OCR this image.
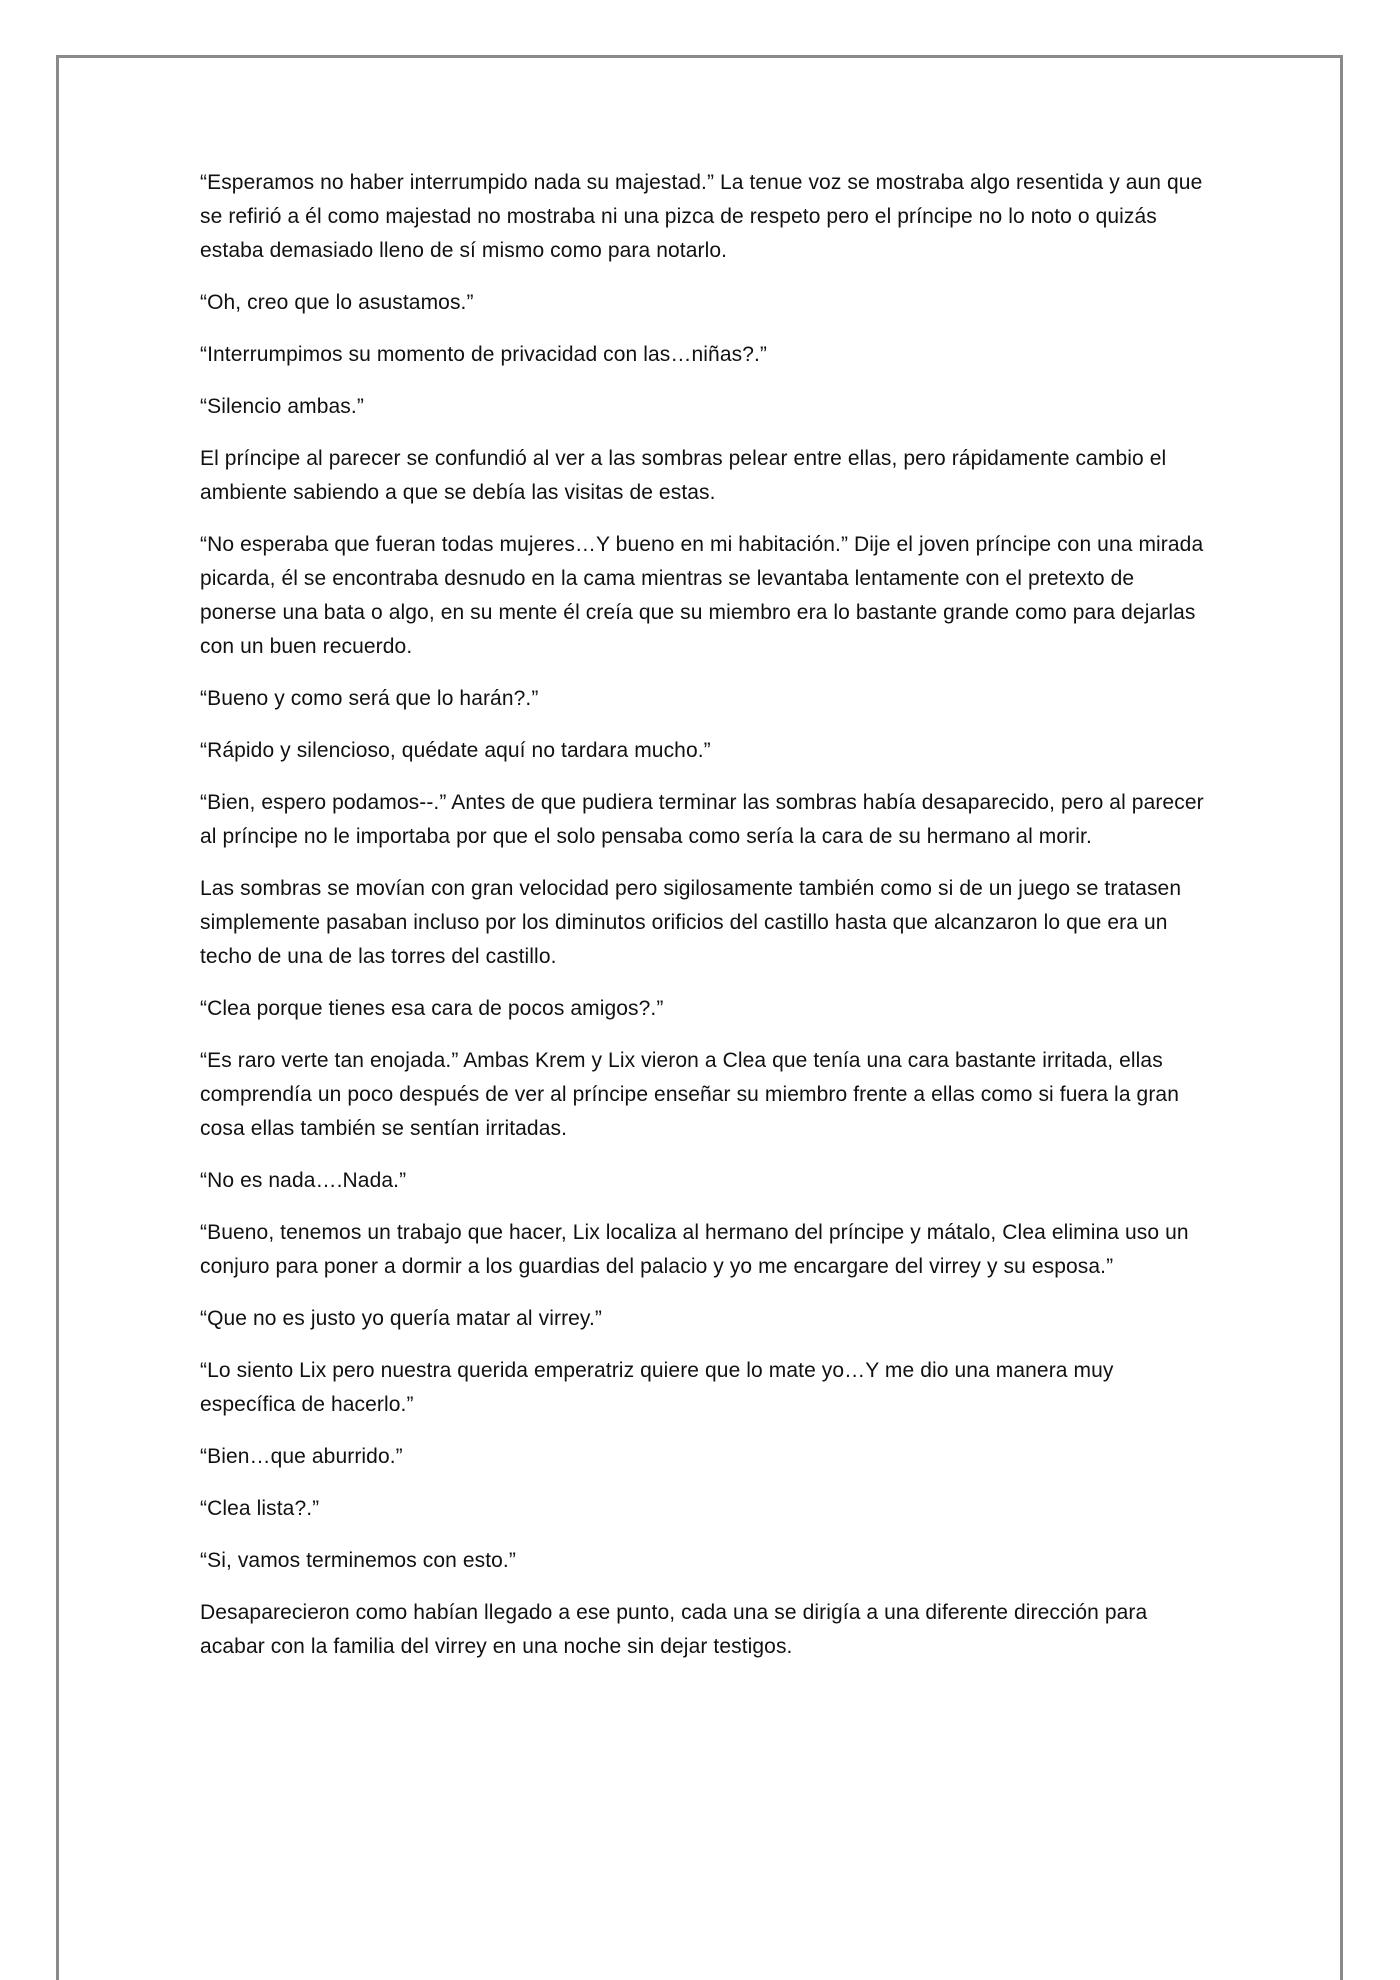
“Esperamos no haber interrumpido nada su majestad.” La tenue voz se mostraba algo resentida y aun que se refirió a él como majestad no mostraba ni una pizca de respeto pero el príncipe no lo noto o quizás estaba demasiado lleno de sí mismo como para notarlo.

“Oh, creo que lo asustamos.”

“Interrumpimos su momento de privacidad con las…niñas?.”

“Silencio ambas.”

El príncipe al parecer se confundió al ver a las sombras pelear entre ellas, pero rápidamente cambio el ambiente sabiendo a que se debía las visitas de estas.

“No esperaba que fueran todas mujeres…Y bueno en mi habitación.” Dije el joven príncipe con una mirada picarda, él se encontraba desnudo en la cama mientras se levantaba lentamente con el pretexto de ponerse una bata o algo, en su mente él creía que su miembro era lo bastante grande como para dejarlas con un buen recuerdo.

“Bueno y como será que lo harán?.”

“Rápido y silencioso, quédate aquí no tardara mucho.”

“Bien, espero podamos--.” Antes de que pudiera terminar las sombras había desaparecido, pero al parecer al príncipe no le importaba por que el solo pensaba como sería la cara de su hermano al morir.

Las sombras se movían con gran velocidad pero sigilosamente también como si de un juego se tratasen simplemente pasaban incluso por los diminutos orificios del castillo hasta que alcanzaron lo que era un techo de una de las torres del castillo.

“Clea porque tienes esa cara de pocos amigos?.”

“Es raro verte tan enojada.” Ambas Krem y Lix vieron a Clea que tenía una cara bastante irritada, ellas comprendía un poco después de ver al príncipe enseñar su miembro frente a ellas como si fuera la gran cosa ellas también se sentían irritadas.

“No es nada….Nada.”

“Bueno, tenemos un trabajo que hacer, Lix localiza al hermano del príncipe y mátalo, Clea elimina uso un conjuro para poner a dormir a los guardias del palacio y yo me encargare del virrey y su esposa.”

“Que no es justo yo quería matar al virrey.”

“Lo siento Lix pero nuestra querida emperatriz quiere que lo mate yo…Y me dio una manera muy específica de hacerlo.”

“Bien…que aburrido.”

“Clea lista?.”

“Si, vamos terminemos con esto.”

Desaparecieron como habían llegado a ese punto, cada una se dirigía a una diferente dirección para acabar con la familia del virrey en una noche sin dejar testigos.
